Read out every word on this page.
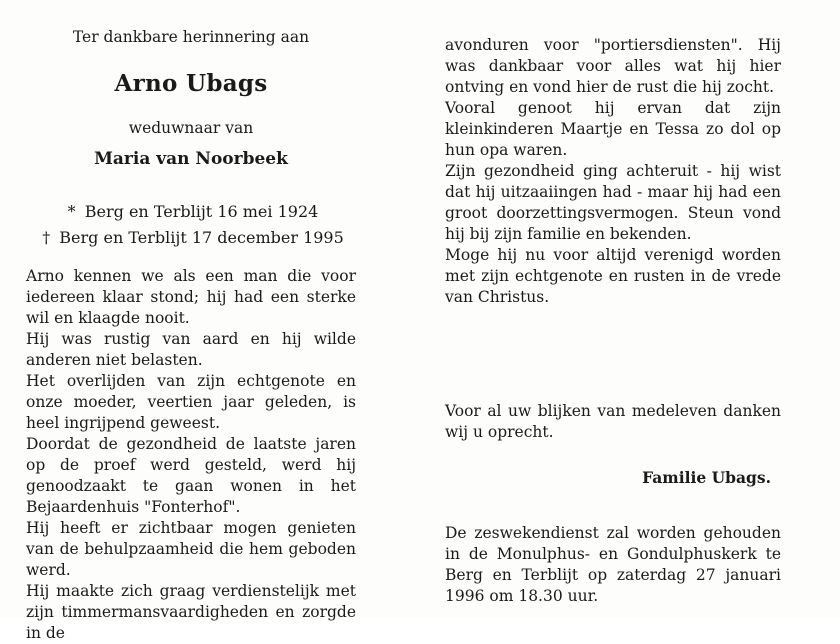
Ter dankbare herinnering aan
Arno Ubags
weduwnaar van
Maria van Noorbeek
* Berg en Terblijt 16 mei 1924
† Berg en Terblijt 17 december 1995

Arno kennen we als een man die voor iedereen klaar stond; hij had een sterke wil en klaagde nooit.

Hij was rustig van aard en hij wilde anderen niet belasten.

Het overlijden van zijn echtgenote en onze moeder, veertien jaar geleden, is heel ingrijpend geweest.

Doordat de gezondheid de laatste jaren op de proef werd gesteld, werd hij genoodzaakt te gaan wonen in het Bejaardenhuis "Fonterhof".

Hij heeft er zichtbaar mogen genieten van de behulpzaamheid die hem geboden werd.

Hij maakte zich graag verdienstelijk met zijn timmermansvaardigheden en zorgde in de

avonduren voor "portiersdiensten". Hij was dankbaar voor alles wat hij hier ontving en vond hier de rust die hij zocht.

Vooral genoot hij ervan dat zijn kleinkinderen Maartje en Tessa zo dol op hun opa waren.

Zijn gezondheid ging achteruit - hij wist dat hij uitzaaiingen had - maar hij had een groot doorzettingsvermogen. Steun vond hij bij zijn familie en bekenden.

Moge hij nu voor altijd verenigd worden met zijn echtgenote en rusten in de vrede van Christus.

Voor al uw blijken van medeleven danken wij u oprecht.

Familie Ubags.

De zeswekendienst zal worden gehouden in de Monulphus- en Gondulphuskerk te Berg en Terblijt op zaterdag 27 januari 1996 om 18.30 uur.
